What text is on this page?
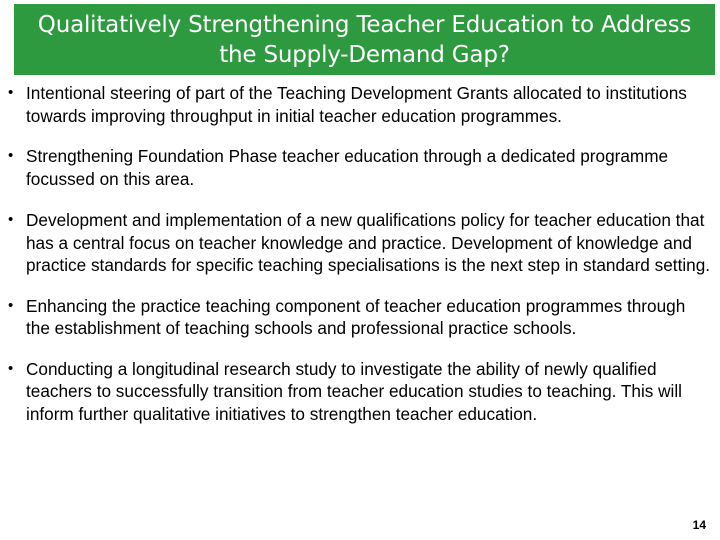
Qualitatively Strengthening Teacher Education to Address the Supply-Demand Gap?
• Intentional steering of part of the Teaching Development Grants allocated to institutions towards improving throughput in initial teacher education programmes.
• Strengthening Foundation Phase teacher education through a dedicated programme focussed on this area.
• Development and implementation of a new qualifications policy for teacher education that has a central focus on teacher knowledge and practice. Development of knowledge and practice standards for specific teaching specialisations is the next step in standard setting.
• Enhancing the practice teaching component of teacher education programmes through the establishment of teaching schools and professional practice schools.
• Conducting a longitudinal research study to investigate the ability of newly qualified teachers to successfully transition from teacher education studies to teaching. This will inform further qualitative initiatives to strengthen teacher education.
14
